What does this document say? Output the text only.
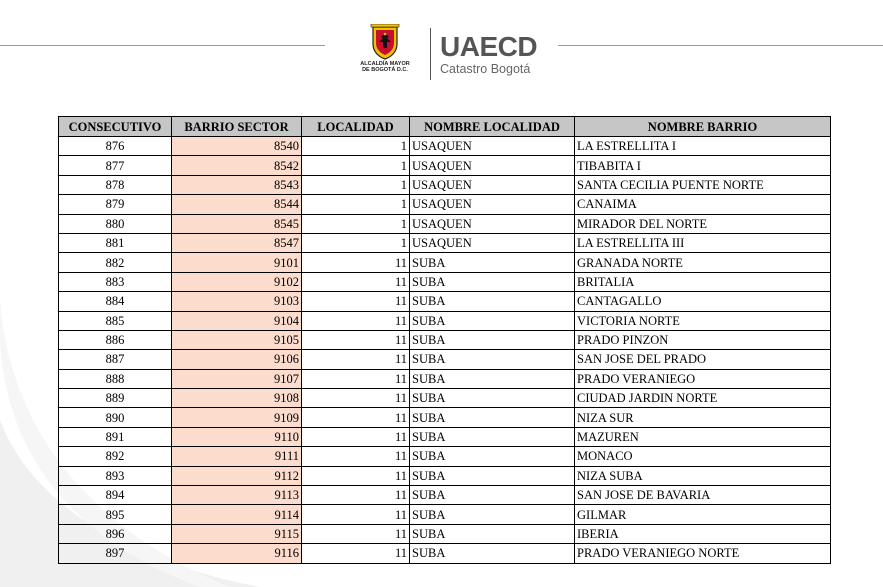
ALCALDÍA MAYOR
DE BOGOTÁ D.C.
UAECD
Catastro Bogotá
CONSECUTIVO	BARRIO SECTOR	LOCALIDAD	NOMBRE LOCALIDAD	NOMBRE BARRIO
876	8540	1	USAQUEN	LA ESTRELLITA I
877	8542	1	USAQUEN	TIBABITA I
878	8543	1	USAQUEN	SANTA CECILIA PUENTE NORTE
879	8544	1	USAQUEN	CANAIMA
880	8545	1	USAQUEN	MIRADOR DEL NORTE
881	8547	1	USAQUEN	LA ESTRELLITA III
882	9101	11	SUBA	GRANADA NORTE
883	9102	11	SUBA	BRITALIA
884	9103	11	SUBA	CANTAGALLO
885	9104	11	SUBA	VICTORIA NORTE
886	9105	11	SUBA	PRADO PINZON
887	9106	11	SUBA	SAN JOSE DEL PRADO
888	9107	11	SUBA	PRADO VERANIEGO
889	9108	11	SUBA	CIUDAD JARDIN NORTE
890	9109	11	SUBA	NIZA SUR
891	9110	11	SUBA	MAZUREN
892	9111	11	SUBA	MONACO
893	9112	11	SUBA	NIZA SUBA
894	9113	11	SUBA	SAN JOSE DE BAVARIA
895	9114	11	SUBA	GILMAR
896	9115	11	SUBA	IBERIA
897	9116	11	SUBA	PRADO VERANIEGO NORTE
